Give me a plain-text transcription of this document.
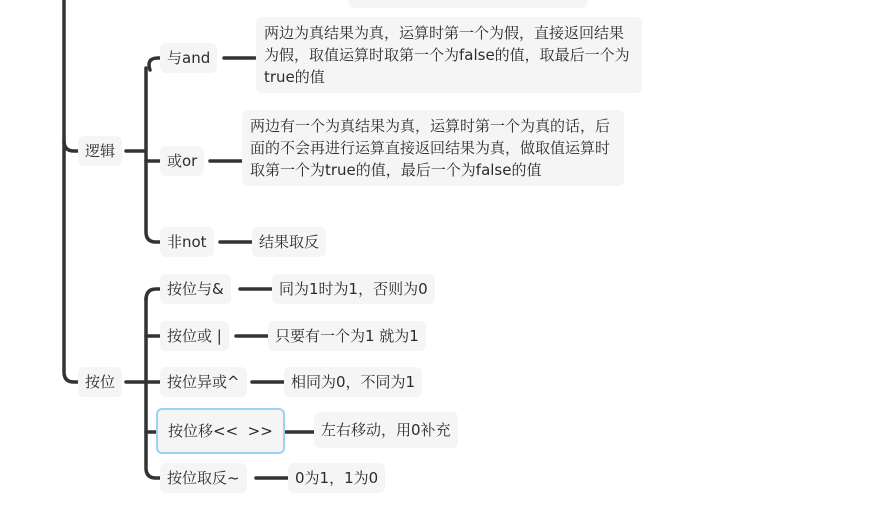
逻辑
与and
两边为真结果为真，运算时第一个为假，直接返回结果为假，取值运算时取第一个为false的值，取最后一个为true的值
或or
两边有一个为真结果为真，运算时第一个为真的话，后面的不会再进行运算直接返回结果为真，做取值运算时取第一个为true的值，最后一个为false的值
非not	结果取反
按位
按位与&	同为1时为1，否则为0
按位或 |	只要有一个为1 就为1
按位异或^	相同为0，不同为1
按位移<<  >>	左右移动，用0补充
按位取反~	0为1，1为0
